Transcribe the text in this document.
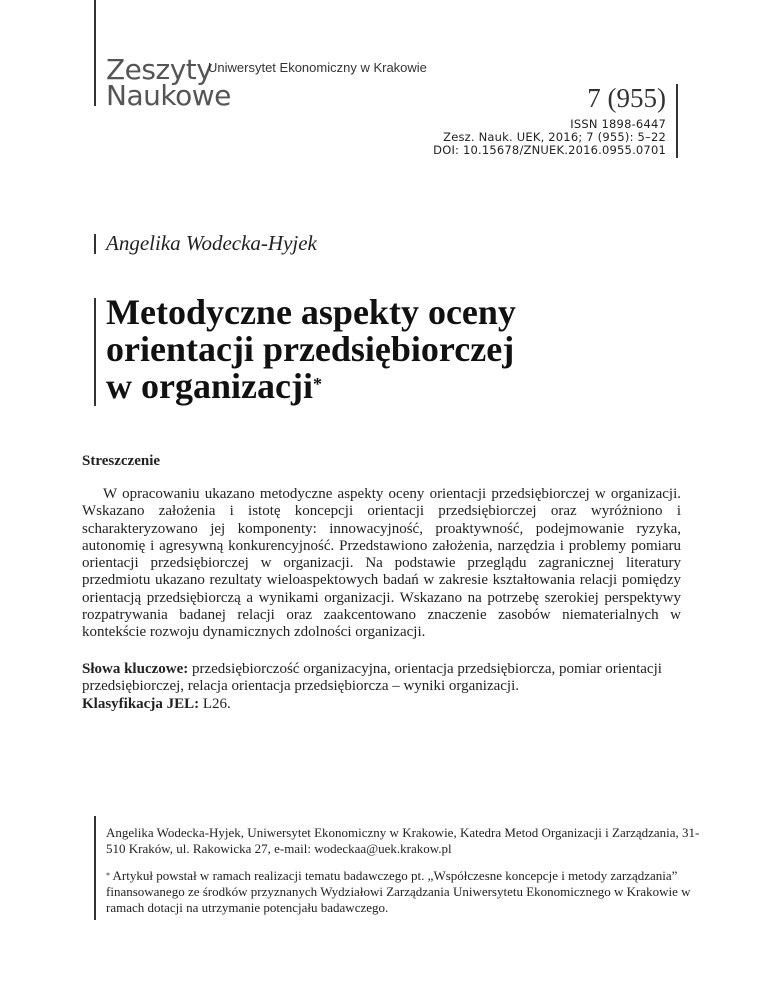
Zeszyty
Uniwersytet Ekonomiczny w Krakowie
Naukowe	7 (955)
ISSN 1898-6447
Zesz. Nauk. UEK, 2016; 7 (955): 5–22
DOI: 10.15678/ZNUEK.2016.0955.0701
Angelika Wodecka-Hyjek
Metodyczne aspekty oceny
orientacji przedsiębiorczej
w organizacji*
Streszczenie

W opracowaniu ukazano metodyczne aspekty oceny orientacji przedsiębiorczej w organizacji. Wskazano założenia i istotę koncepcji orientacji przedsiębiorczej oraz wyróżniono i scharakteryzowano jej komponenty: innowacyjność, proaktywność, podejmowanie ryzyka, autonomię i agresywną konkurencyjność. Przedstawiono założenia, narzędzia i problemy pomiaru orientacji przedsiębiorczej w organizacji. Na podstawie przeglądu zagranicznej literatury przedmiotu ukazano rezultaty wieloaspektowych badań w zakresie kształtowania relacji pomiędzy orientacją przedsiębiorczą a wynikami organizacji. Wskazano na potrzebę szerokiej perspektywy rozpatrywania badanej relacji oraz zaakcentowano znaczenie zasobów niematerialnych w kontekście rozwoju dynamicznych zdolności organizacji.

Słowa kluczowe: przedsiębiorczość organizacyjna, orientacja przedsiębiorcza, pomiar orientacji przedsiębiorczej, relacja orientacja przedsiębiorcza – wyniki organizacji.
Klasyfikacja JEL: L26.

Angelika Wodecka-Hyjek, Uniwersytet Ekonomiczny w Krakowie, Katedra Metod Organizacji i Zarządzania, 31-510 Kraków, ul. Rakowicka 27, e-mail: wodeckaa@uek.krakow.pl

* Artykuł powstał w ramach realizacji tematu badawczego pt. „Współczesne koncepcje i metody zarządzania” finansowanego ze środków przyznanych Wydziałowi Zarządzania Uniwersytetu Ekonomicznego w Krakowie w ramach dotacji na utrzymanie potencjału badawczego.
